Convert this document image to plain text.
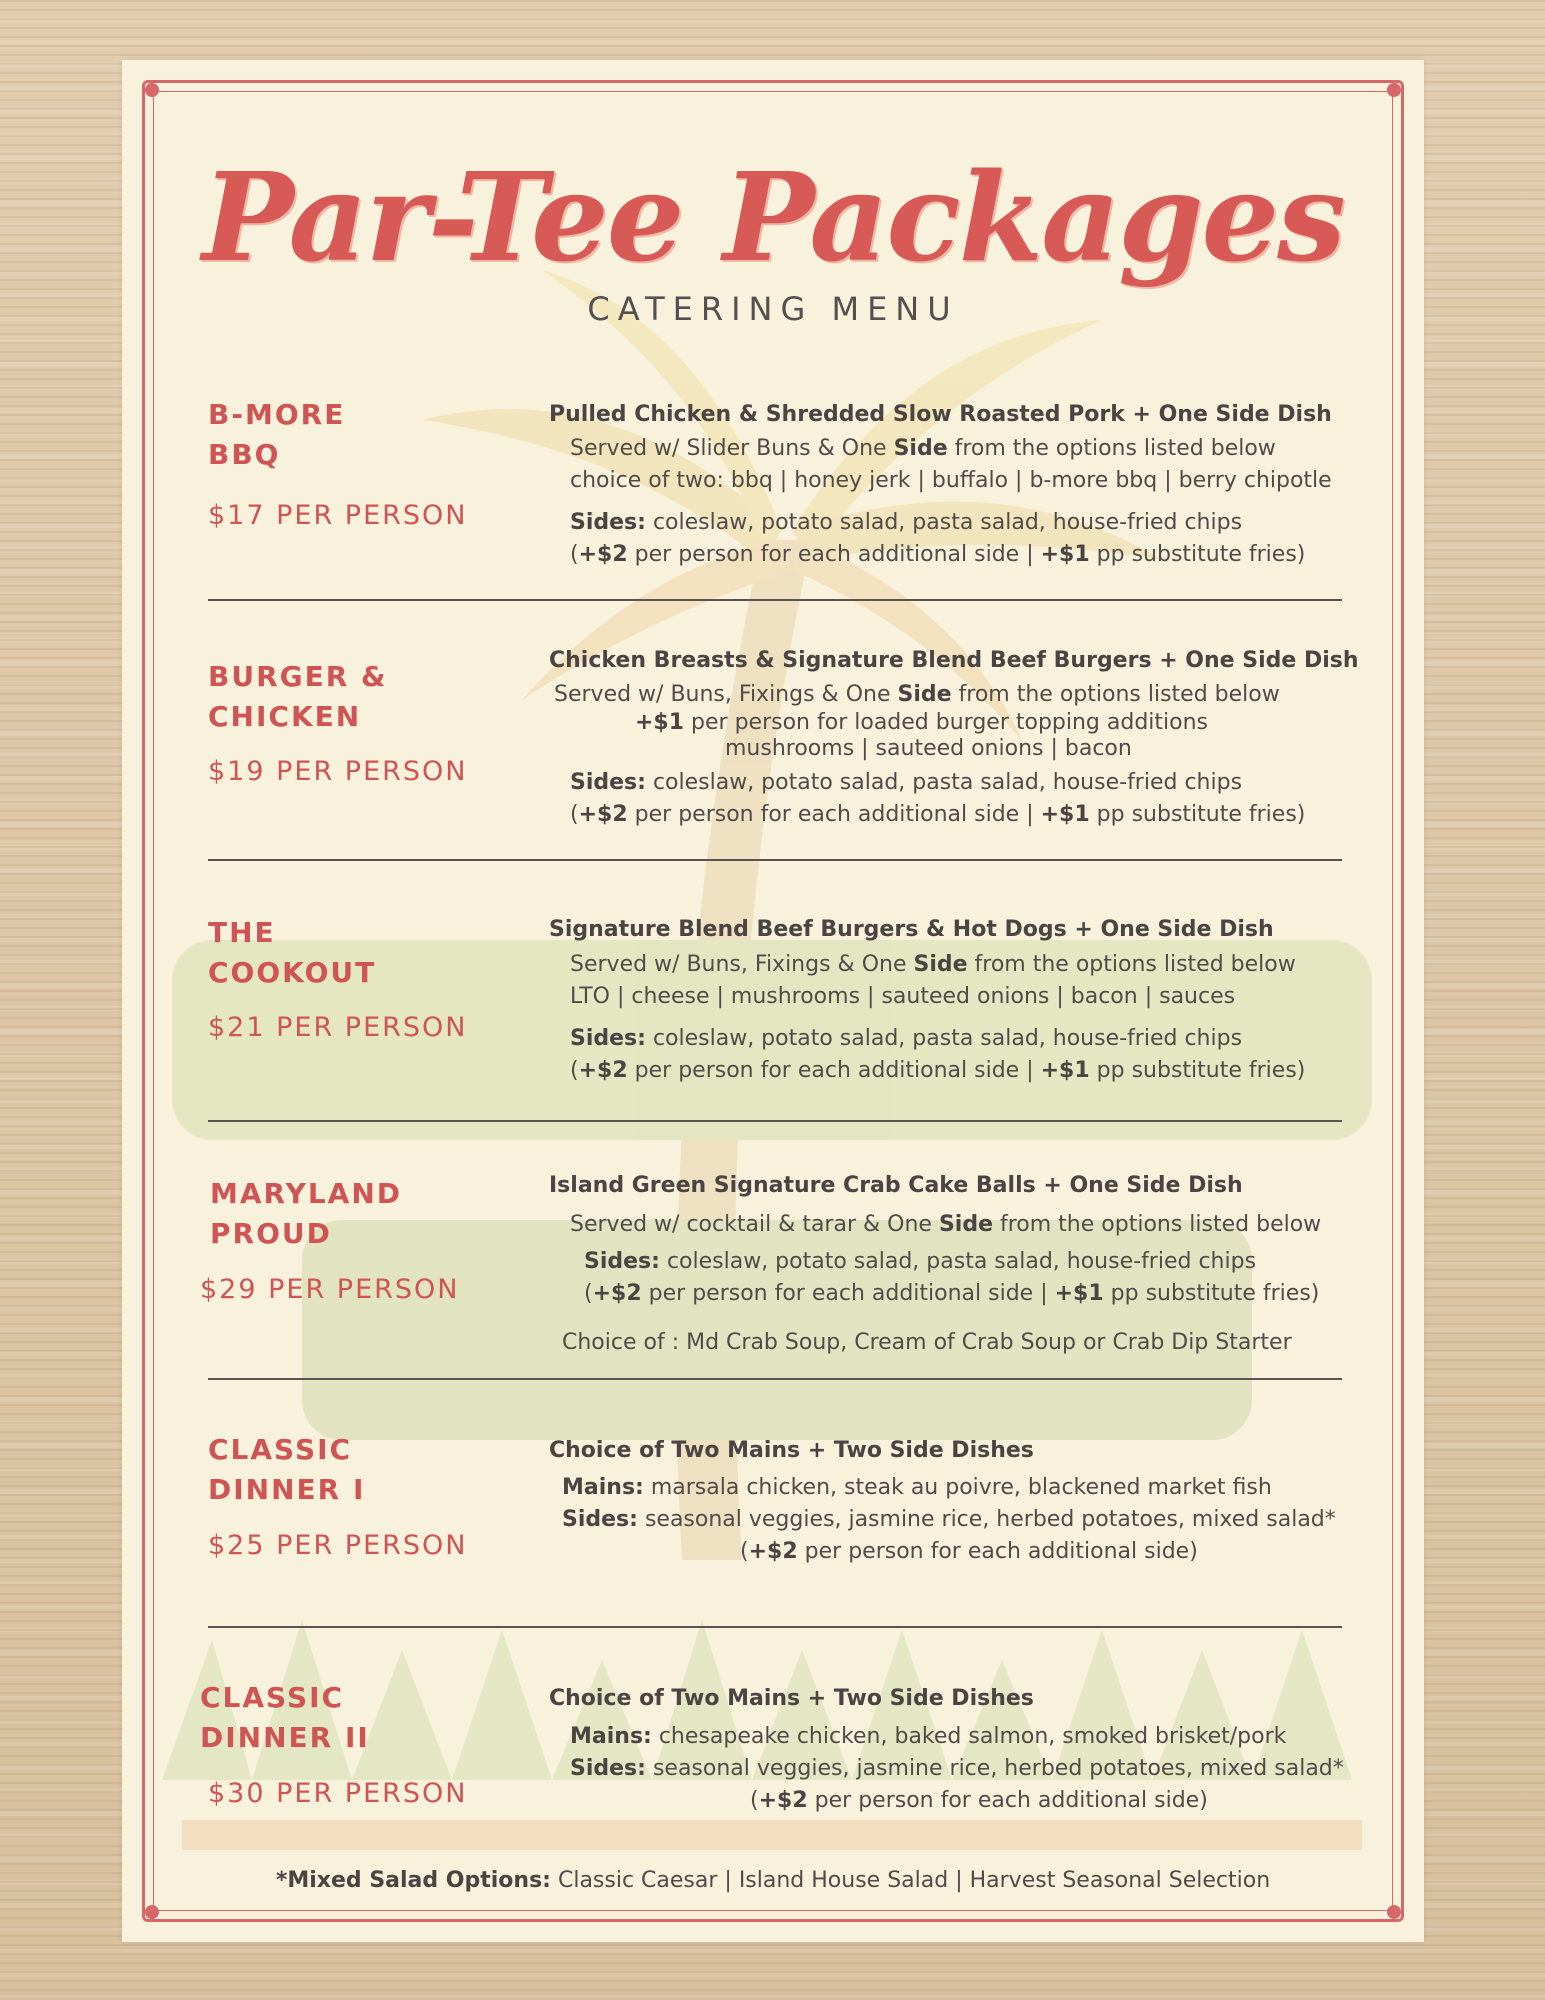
Par-Tee Packages
CATERING MENU
B-MORE
BBQ
$17 PER PERSON
Pulled Chicken & Shredded Slow Roasted Pork + One Side Dish
Served w/ Slider Buns & One Side from the options listed below
choice of two: bbq | honey jerk | buffalo | b-more bbq | berry chipotle
Sides: coleslaw, potato salad, pasta salad, house-fried chips
(+$2 per person for each additional side | +$1 pp substitute fries)
BURGER &
CHICKEN
$19 PER PERSON
Chicken Breasts & Signature Blend Beef Burgers + One Side Dish
Served w/ Buns, Fixings & One Side from the options listed below
+$1 per person for loaded burger topping additions
mushrooms | sauteed onions | bacon
Sides: coleslaw, potato salad, pasta salad, house-fried chips
(+$2 per person for each additional side | +$1 pp substitute fries)
THE
COOKOUT
$21 PER PERSON
Signature Blend Beef Burgers & Hot Dogs + One Side Dish
Served w/ Buns, Fixings & One Side from the options listed below
LTO | cheese | mushrooms | sauteed onions | bacon | sauces
Sides: coleslaw, potato salad, pasta salad, house-fried chips
(+$2 per person for each additional side | +$1 pp substitute fries)
MARYLAND
PROUD
$29 PER PERSON
Island Green Signature Crab Cake Balls + One Side Dish
Served w/ cocktail & tarar & One Side from the options listed below
Sides: coleslaw, potato salad, pasta salad, house-fried chips
(+$2 per person for each additional side | +$1 pp substitute fries)
Choice of : Md Crab Soup, Cream of Crab Soup or Crab Dip Starter
CLASSIC
DINNER I
$25 PER PERSON
Choice of Two Mains + Two Side Dishes
Mains: marsala chicken, steak au poivre, blackened market fish
Sides: seasonal veggies, jasmine rice, herbed potatoes, mixed salad*
(+$2 per person for each additional side)
CLASSIC
DINNER II
$30 PER PERSON
Choice of Two Mains + Two Side Dishes
Mains: chesapeake chicken, baked salmon, smoked brisket/pork
Sides: seasonal veggies, jasmine rice, herbed potatoes, mixed salad*
(+$2 per person for each additional side)
*Mixed Salad Options: Classic Caesar | Island House Salad | Harvest Seasonal Selection
